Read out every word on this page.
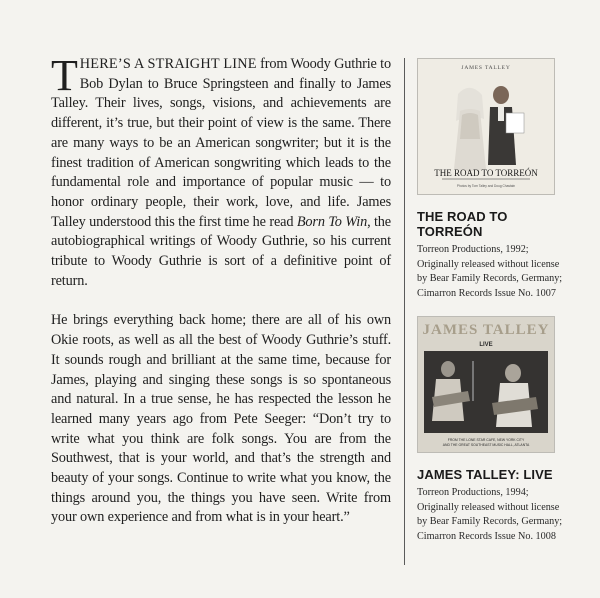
THERE’S A STRAIGHT LINE from Woody Guthrie to Bob Dylan to Bruce Springsteen and finally to James Talley. Their lives, songs, visions, and achievements are different, it’s true, but their point of view is the same. There are many ways to be an American songwriter; but it is the finest tradition of American songwriting which leads to the fundamental role and importance of popular music — to honor ordinary people, their work, love, and life. James Talley understood this the first time he read Born To Win, the autobiographical writings of Woody Guthrie, so his current tribute to Woody Guthrie is sort of a definitive point of return.

He brings everything back home; there are all of his own Okie roots, as well as all the best of Woody Guthrie’s stuff. It sounds rough and brilliant at the same time, because for James, playing and singing these songs is so spontaneous and natural. In a true sense, he has respected the lesson he learned many years ago from Pete Seeger: “Don’t try to write what you think are folk songs. You are from the Southwest, that is your world, and that’s the strength and beauty of your songs. Continue to write what you know, the things around you, the things you have seen. Write from your own experience and from what is in your heart.”

JAMES TALLEY
THE ROAD TO TORREÓN
Photos by Tom Talley and Doug Chastain
THE ROAD TO TORREÓN
Torreon Productions, 1992;
Originally released without license
by Bear Family Records, Germany;
Cimarron Records Issue No. 1007
JAMES TALLEY
LIVE
FROM THE LONE STAR CAFE, NEW YORK CITY
AND THE GREAT SOUTHEAST MUSIC HALL, ATLANTA
JAMES TALLEY: LIVE
Torreon Productions, 1994;
Originally released without license
by Bear Family Records, Germany;
Cimarron Records Issue No. 1008
